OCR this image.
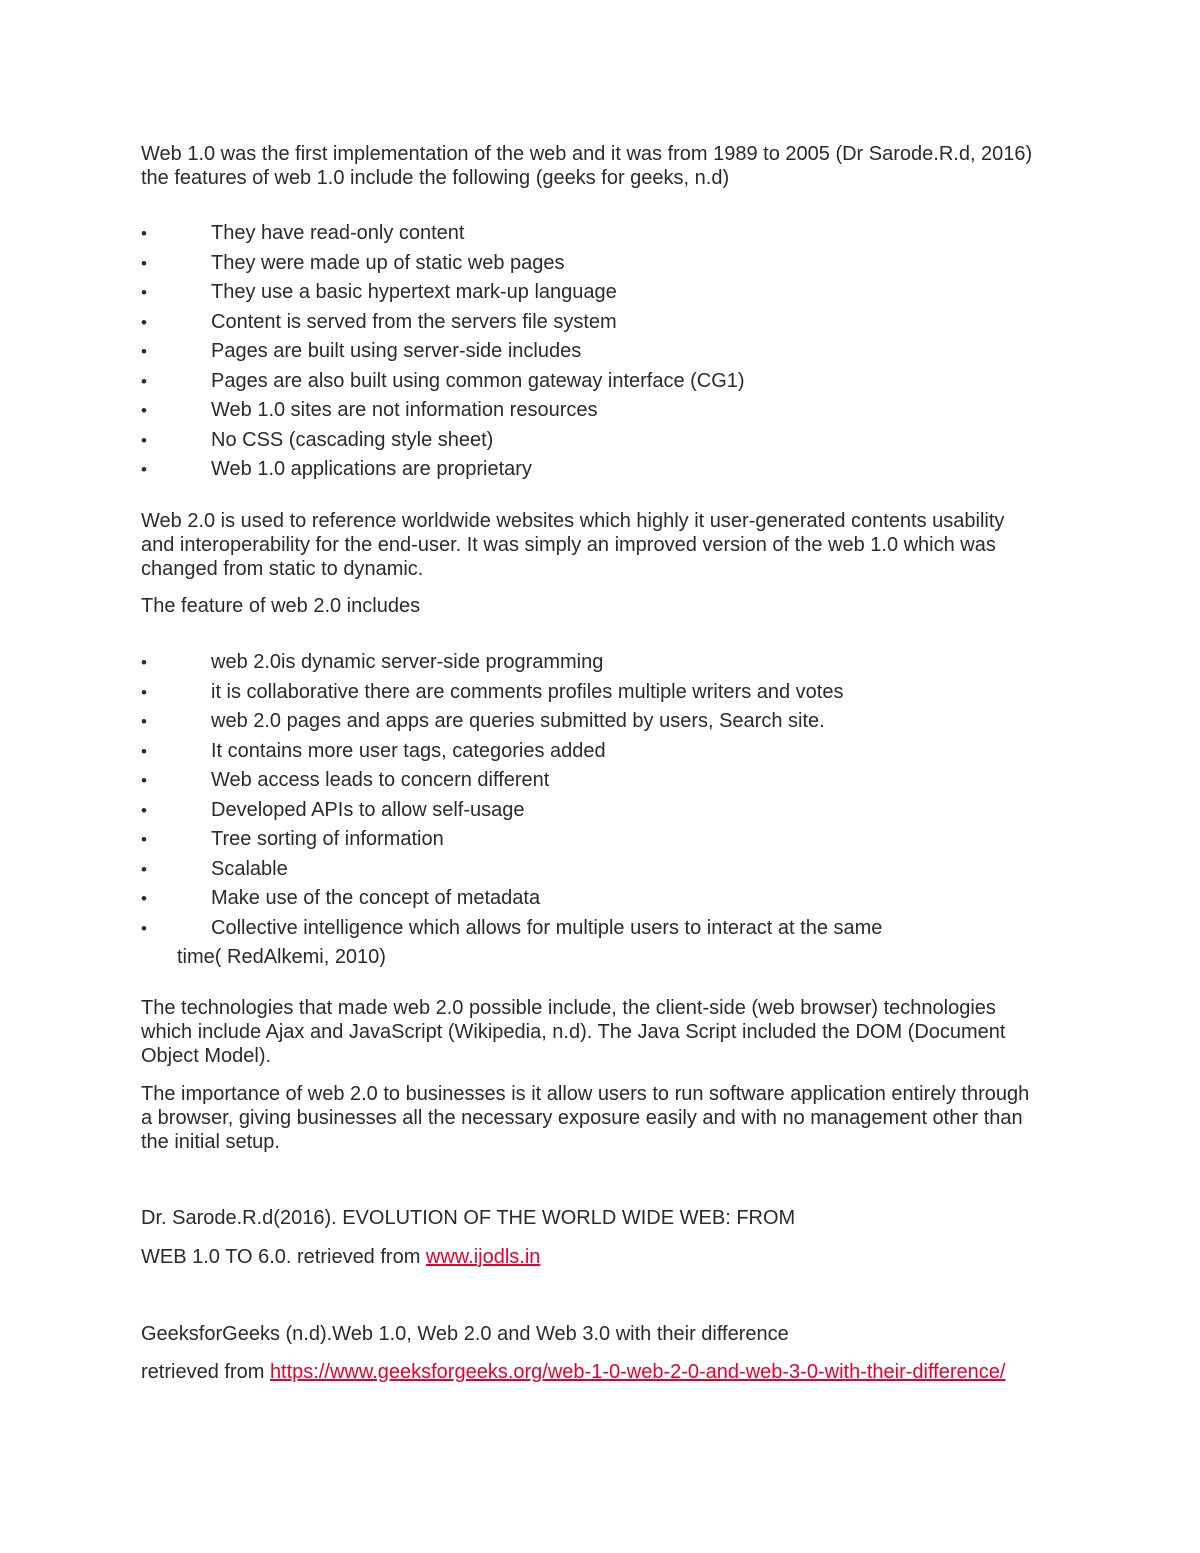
Web 1.0 was the first implementation of the web and it was from 1989 to 2005 (Dr Sarode.R.d, 2016)
the features of web 1.0 include the following (geeks for geeks, n.d)

•	They have read-only content
•	They were made up of static web pages
•	They use a basic hypertext mark-up language
•	Content is served from the servers file system
•	Pages are built using server-side includes
•	Pages are also built using common gateway interface (CG1)
•	Web 1.0 sites are not information resources
•	No CSS (cascading style sheet)
•	Web 1.0 applications are proprietary

Web 2.0 is used to reference worldwide websites which highly it user-generated contents usability
and interoperability for the end-user. It was simply an improved version of the web 1.0 which was
changed from static to dynamic.

The feature of web 2.0 includes

•	web 2.0is dynamic server-side programming
•	it is collaborative there are comments profiles multiple writers and votes
•	web 2.0 pages and apps are queries submitted by users, Search site.
•	It contains more user tags, categories added
•	Web access leads to concern different
•	Developed APIs to allow self-usage
•	Tree sorting of information
•	Scalable
•	Make use of the concept of metadata
•	Collective intelligence which allows for multiple users to interact at the same
time( RedAlkemi, 2010)

The technologies that made web 2.0 possible include, the client-side (web browser) technologies
which include Ajax and JavaScript (Wikipedia, n.d). The Java Script included the DOM (Document
Object Model).

The importance of web 2.0 to businesses is it allow users to run software application entirely through
a browser, giving businesses all the necessary exposure easily and with no management other than
the initial setup.

Dr. Sarode.R.d(2016). EVOLUTION OF THE WORLD WIDE WEB: FROM
WEB 1.0 TO 6.0. retrieved from www.ijodls.in
GeeksforGeeks (n.d).Web 1.0, Web 2.0 and Web 3.0 with their difference
retrieved from https://www.geeksforgeeks.org/web-1-0-web-2-0-and-web-3-0-with-their-difference/
